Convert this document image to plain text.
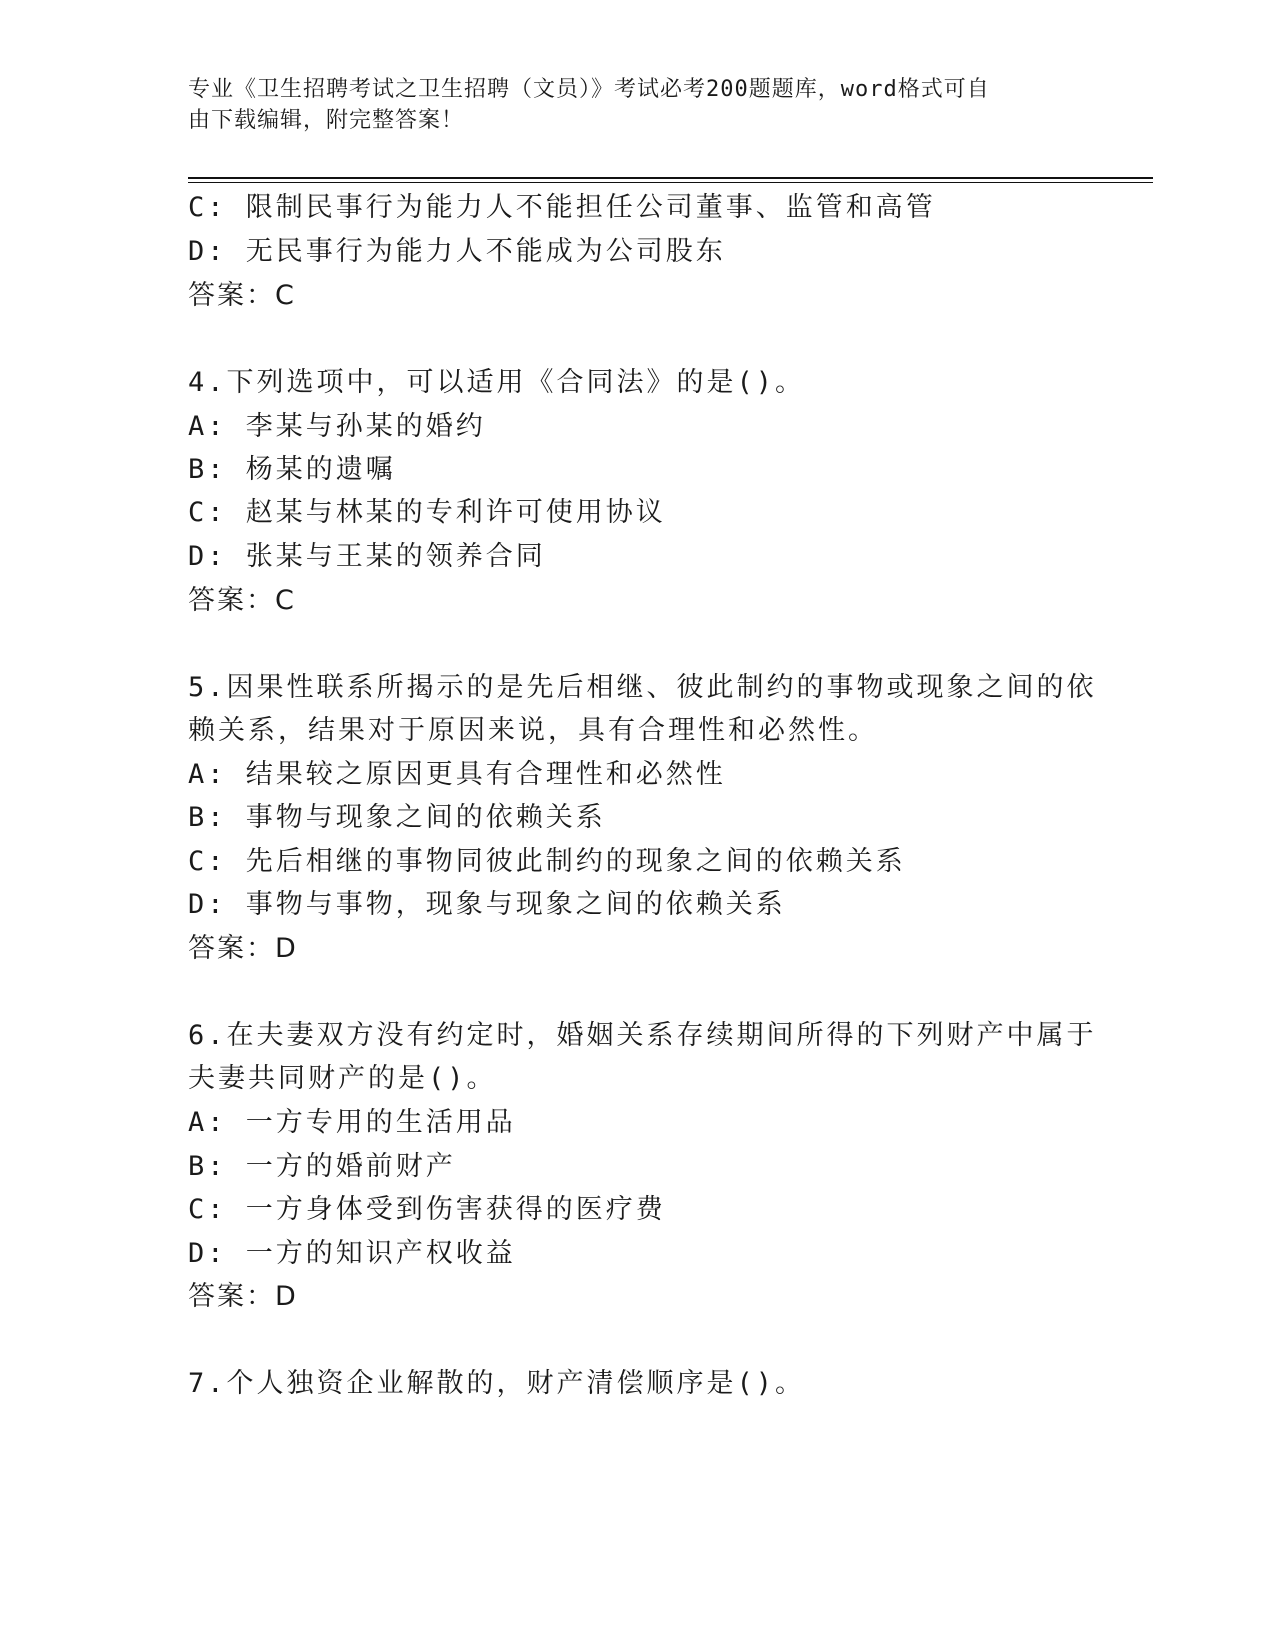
专业《卫生招聘考试之卫生招聘（文员）》考试必考200题题库，word格式可自
由下载编辑，附完整答案！
C: 限制民事行为能力人不能担任公司董事、监管和高管
D: 无民事行为能力人不能成为公司股东
答案：C
4.下列选项中，可以适用《合同法》的是()。
A: 李某与孙某的婚约
B: 杨某的遗嘱
C: 赵某与林某的专利许可使用协议
D: 张某与王某的领养合同
答案：C
5.因果性联系所揭示的是先后相继、彼此制约的事物或现象之间的依
赖关系，结果对于原因来说，具有合理性和必然性。
A: 结果较之原因更具有合理性和必然性
B: 事物与现象之间的依赖关系
C: 先后相继的事物同彼此制约的现象之间的依赖关系
D: 事物与事物，现象与现象之间的依赖关系
答案：D
6.在夫妻双方没有约定时，婚姻关系存续期间所得的下列财产中属于
夫妻共同财产的是()。
A: 一方专用的生活用品
B: 一方的婚前财产
C: 一方身体受到伤害获得的医疗费
D: 一方的知识产权收益
答案：D
7.个人独资企业解散的，财产清偿顺序是()。
